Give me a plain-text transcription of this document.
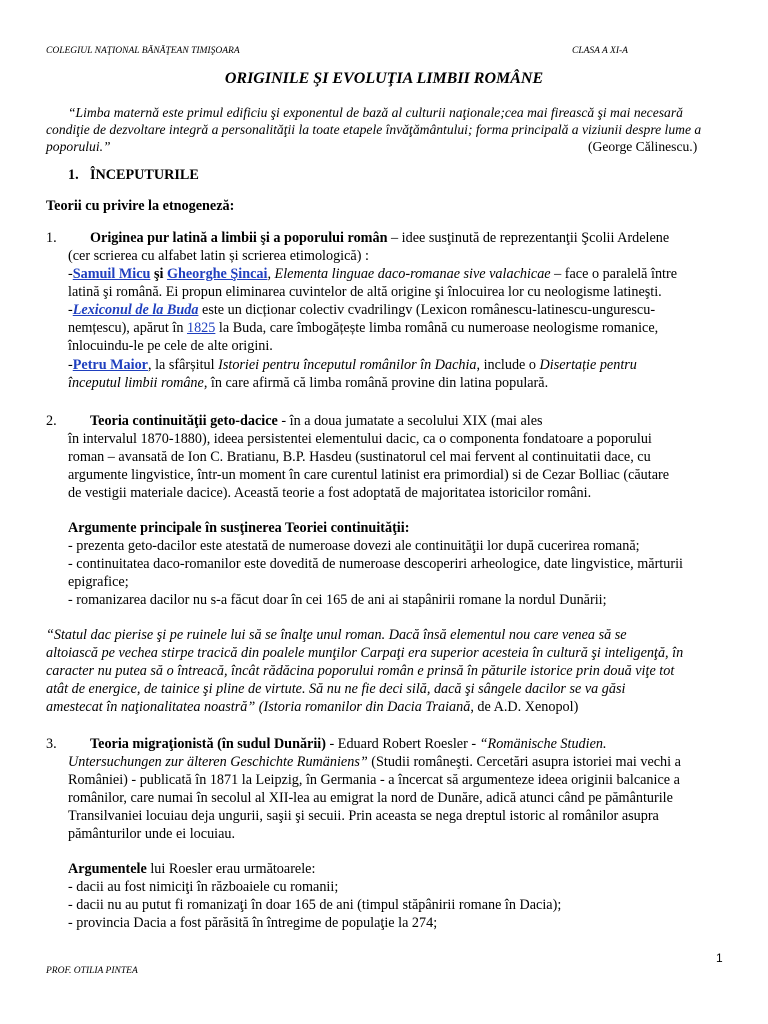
COLEGIUL NAŢIONAL BĂNĂŢEAN TIMIŞOARA	CLASA A XI-A
ORIGINILE ŞI EVOLUŢIA LIMBII ROMÂNE
“Limba maternă este primul edificiu şi exponentul de bază al culturii naţionale;cea mai firească şi mai necesară
condiţie de dezvoltare integră a personalităţii la toate etapele învăţământului; forma principală a viziunii despre lume a
poporului.”	(George Călinescu.)
1. ÎNCEPUTURILE
Teorii cu privire la etnogeneză:
1. Originea pur latină a limbii şi a poporului român – idee susţinută de reprezentanţii Şcolii Ardelene
(cer scrierea cu alfabet latin și scrierea etimologică) :
-Samuil Micu şi Gheorghe Şincai, Elementa linguae daco-romanae sive valachicae – face o paralelă între
latină şi română. Ei propun eliminarea cuvintelor de altă origine şi înlocuirea lor cu neologisme latineşti.
-Lexiconul de la Buda este un dicționar colectiv cvadrilingv (Lexicon românescu-latinescu-ungurescu-
nemțescu), apărut în 1825 la Buda, care îmbogățește limba română cu numeroase neologisme romanice,
înlocuindu-le pe cele de alte origini.
-Petru Maior, la sfârșitul Istoriei pentru începutul românilor în Dachia, include o Disertație pentru
începutul limbii române, în care afirmă că limba română provine din latina populară.
2. Teoria continuităţii geto-dacice - în a doua jumatate a secolului XIX (mai ales
în intervalul 1870-1880), ideea persistentei elementului dacic, ca o componenta fondatoare a poporului
roman – avansată de Ion C. Bratianu, B.P. Hasdeu (sustinatorul cel mai fervent al continuitatii dace, cu
argumente lingvistice, într-un moment în care curentul latinist era primordial) si de Cezar Bolliac (căutare
de vestigii materiale dacice). Această teorie a fost adoptată de majoritatea istoricilor români.
Argumente principale în susţinerea Teoriei continuităţii:
- prezenta geto-dacilor este atestată de numeroase dovezi ale continuităţii lor după cucerirea romană;
- continuitatea daco-romanilor este dovedită de numeroase descoperiri arheologice, date lingvistice, mărturii
epigrafice;
- romanizarea dacilor nu s-a făcut doar în cei 165 de ani ai stapânirii romane la nordul Dunării;
“Statul dac pierise şi pe ruinele lui să se înalţe unul roman. Dacă însă elementul nou care venea să se
altoiască pe vechea stirpe tracică din poalele munţilor Carpaţi era superior acesteia în cultură şi inteligenţă, în
caracter nu putea să o întreacă, încât rădăcina poporului român e prinsă în păturile istorice prin două viţe tot
atât de energice, de tainice şi pline de virtute. Să nu ne fie deci silă, dacă şi sângele dacilor se va găsi
amestecat în naţionalitatea noastră” (Istoria romanilor din Dacia Traiană, de A.D. Xenopol)
3. Teoria migraţionistă (în sudul Dunării) - Eduard Robert Roesler - “Romänische Studien.
Untersuchungen zur älteren Geschichte Rumäniens” (Studii româneşti. Cercetări asupra istoriei mai vechi a
României) - publicată în 1871 la Leipzig, în Germania - a încercat să argumenteze ideea originii balcanice a
românilor, care numai în secolul al XII-lea au emigrat la nord de Dunăre, adică atunci când pe pământurile
Transilvaniei locuiau deja ungurii, saşii şi secuii. Prin aceasta se nega dreptul istoric al românilor asupra
pământurilor unde ei locuiau.
Argumentele lui Roesler erau următoarele:
- dacii au fost nimiciţi în războaiele cu romanii;
- dacii nu au putut fi romanizaţi în doar 165 de ani (timpul stăpânirii romane în Dacia);
- provincia Dacia a fost părăsită în întregime de populaţie la 274;
1
PROF. OTILIA PINTEA
